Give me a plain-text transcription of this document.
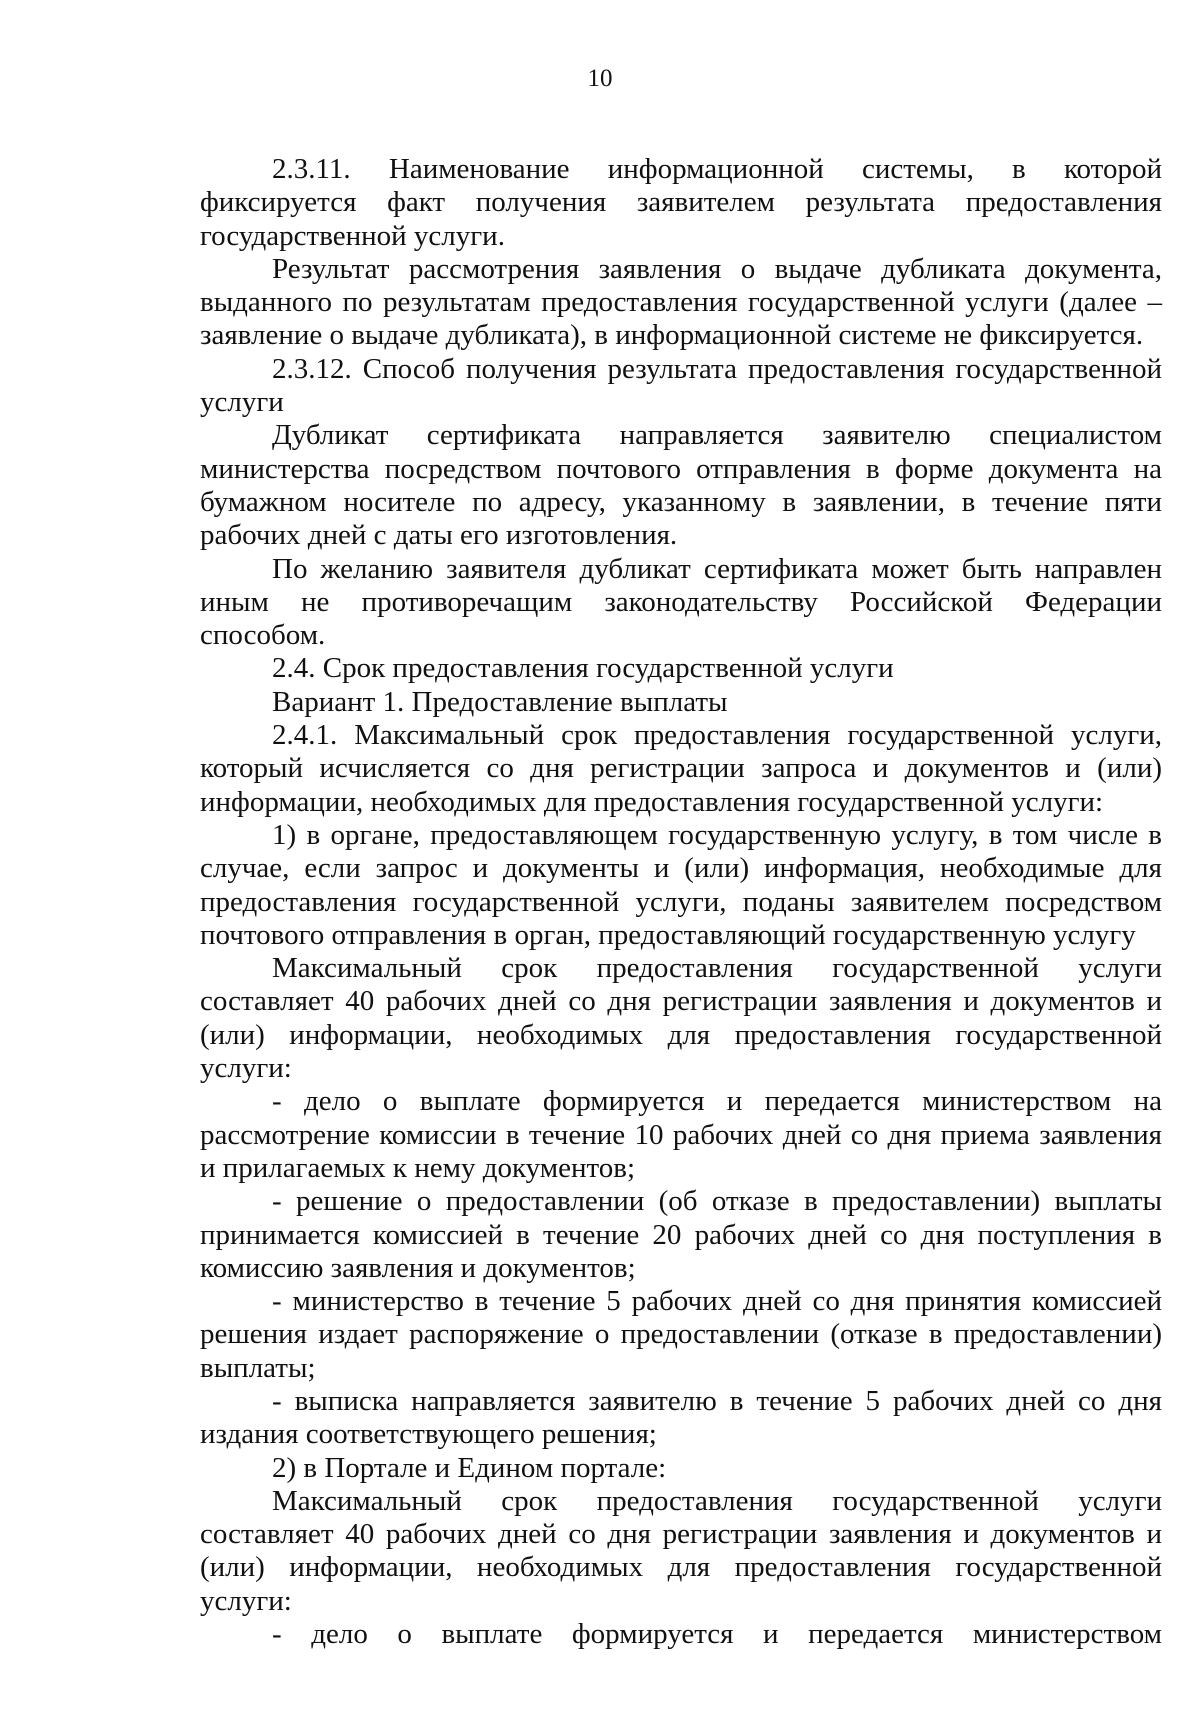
10

2.3.11. Наименование информационной системы, в которой фиксируется факт получения заявителем результата предоставления государственной услуги.

Результат рассмотрения заявления о выдаче дубликата документа, выданного по результатам предоставления государственной услуги (далее – заявление о выдаче дубликата), в информационной системе не фиксируется.

2.3.12. Способ получения результата предоставления государственной услуги

Дубликат сертификата направляется заявителю специалистом министерства посредством почтового отправления в форме документа на бумажном носителе по адресу, указанному в заявлении, в течение пяти рабочих дней с даты его изготовления.

По желанию заявителя дубликат сертификата может быть направлен иным не противоречащим законодательству Российской Федерации способом.

2.4. Срок предоставления государственной услуги

Вариант 1. Предоставление выплаты

2.4.1. Максимальный срок предоставления государственной услуги, который исчисляется со дня регистрации запроса и документов и (или) информации, необходимых для предоставления государственной услуги:

1) в органе, предоставляющем государственную услугу, в том числе в случае, если запрос и документы и (или) информация, необходимые для предоставления государственной услуги, поданы заявителем посредством почтового отправления в орган, предоставляющий государственную услугу

Максимальный срок предоставления государственной услуги составляет 40 рабочих дней со дня регистрации заявления и документов и (или) информации, необходимых для предоставления государственной услуги:

- дело о выплате формируется и передается министерством на рассмотрение комиссии в течение 10 рабочих дней со дня приема заявления и прилагаемых к нему документов;

- решение о предоставлении (об отказе в предоставлении) выплаты принимается комиссией в течение 20 рабочих дней со дня поступления в комиссию заявления и документов;

- министерство в течение 5 рабочих дней со дня принятия комиссией решения издает распоряжение о предоставлении (отказе в предоставлении) выплаты;

- выписка направляется заявителю в течение 5 рабочих дней со дня издания соответствующего решения;

2) в Портале и Едином портале:

Максимальный срок предоставления государственной услуги составляет 40 рабочих дней со дня регистрации заявления и документов и (или) информации, необходимых для предоставления государственной услуги:

- дело о выплате формируется и передается министерством
